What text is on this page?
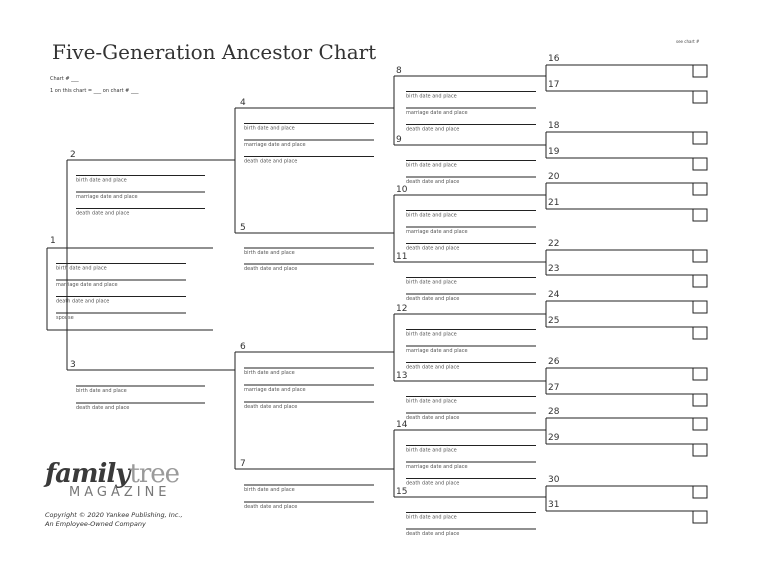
Five-Generation Ancestor Chart
Chart # ___
1 on this chart = ___ on chart # ___
see chart #
1
birth date and place
marriage date and place
death date and place
spouse
2
birth date and place
marriage date and place
death date and place
3
birth date and place
death date and place
4
birth date and place
marriage date and place
death date and place
5
birth date and place
death date and place
6
birth date and place
marriage date and place
death date and place
7
birth date and place
death date and place
8
birth date and place
marriage date and place
death date and place
9
birth date and place
death date and place
10
birth date and place
marriage date and place
death date and place
11
birth date and place
death date and place
12
birth date and place
marriage date and place
death date and place
13
birth date and place
death date and place
14
birth date and place
marriage date and place
death date and place
15
birth date and place
death date and place
16
17
18
19
20
21
22
23
24
25
26
27
28
29
30
31
familytree
MAGAZINE
Copyright © 2020 Yankee Publishing, Inc.,
An Employee-Owned Company
